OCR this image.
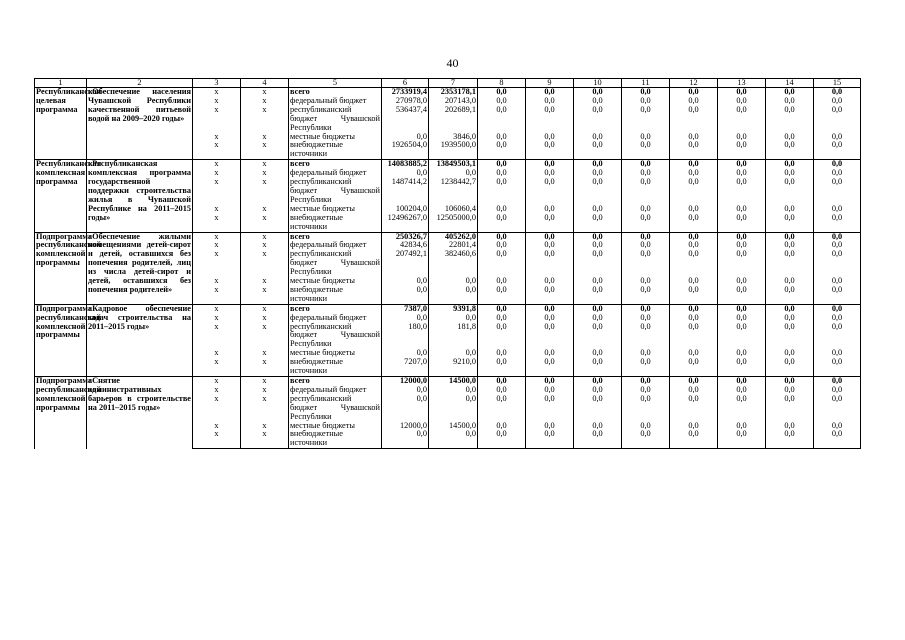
40
1	2	3	4	5	6	7	8	9	10	11	12	13	14	15
Республиканская целевая программа	«Обеспечение населения Чувашской Республики качественной питьевой водой на 2009–2020 годы»	х	х	всего	2733919,4	2353178,1	0,0	0,0	0,0	0,0	0,0	0,0	0,0	0,0
		х	х	федеральный бюджет	270978,0	207143,0	0,0	0,0	0,0	0,0	0,0	0,0	0,0	0,0
		х	х	республиканский бюджет Чувашской Республики	536437,4	202689,1	0,0	0,0	0,0	0,0	0,0	0,0	0,0	0,0
		х	х	местные бюджеты	0,0	3846,0	0,0	0,0	0,0	0,0	0,0	0,0	0,0	0,0
		х	х	внебюджетные источники	1926504,0	1939500,0	0,0	0,0	0,0	0,0	0,0	0,0	0,0	0,0
Республиканская комплексная программа	«Республиканская комплексная программа государственной поддержки строительства жилья в Чувашской Республике на 2011–2015 годы»	х	х	всего	14083885,2	13849503,1	0,0	0,0	0,0	0,0	0,0	0,0	0,0	0,0
		х	х	федеральный бюджет	0,0	0,0	0,0	0,0	0,0	0,0	0,0	0,0	0,0	0,0
		х	х	республиканский бюджет Чувашской Республики	1487414,2	1238442,7	0,0	0,0	0,0	0,0	0,0	0,0	0,0	0,0
		х	х	местные бюджеты	100204,0	106060,4	0,0	0,0	0,0	0,0	0,0	0,0	0,0	0,0
		х	х	внебюджетные источники	12496267,0	12505000,0	0,0	0,0	0,0	0,0	0,0	0,0	0,0	0,0
Подпрограмма республиканской комплексной программы	«Обеспечение жилыми помещениями детей-сирот и детей, оставшихся без попечения родителей, лиц из числа детей-сирот и детей, оставшихся без попечения родителей»	х	х	всего	250326,7	405262,0	0,0	0,0	0,0	0,0	0,0	0,0	0,0	0,0
		х	х	федеральный бюджет	42834,6	22801,4	0,0	0,0	0,0	0,0	0,0	0,0	0,0	0,0
		х	х	республиканский бюджет Чувашской Республики	207492,1	382460,6	0,0	0,0	0,0	0,0	0,0	0,0	0,0	0,0
		х	х	местные бюджеты	0,0	0,0	0,0	0,0	0,0	0,0	0,0	0,0	0,0	0,0
		х	х	внебюджетные источники	0,0	0,0	0,0	0,0	0,0	0,0	0,0	0,0	0,0	0,0
Подпрограмма республиканской комплексной программы	«Кадровое обеспечение задач строительства на 2011–2015 годы»	х	х	всего	7387,0	9391,8	0,0	0,0	0,0	0,0	0,0	0,0	0,0	0,0
		х	х	федеральный бюджет	0,0	0,0	0,0	0,0	0,0	0,0	0,0	0,0	0,0	0,0
		х	х	республиканский бюджет Чувашской Республики	180,0	181,8	0,0	0,0	0,0	0,0	0,0	0,0	0,0	0,0
		х	х	местные бюджеты	0,0	0,0	0,0	0,0	0,0	0,0	0,0	0,0	0,0	0,0
		х	х	внебюджетные источники	7207,0	9210,0	0,0	0,0	0,0	0,0	0,0	0,0	0,0	0,0
Подпрограмма республиканской комплексной программы	«Снятие административных барьеров в строительстве на 2011–2015 годы»	х	х	всего	12000,0	14500,0	0,0	0,0	0,0	0,0	0,0	0,0	0,0	0,0
		х	х	федеральный бюджет	0,0	0,0	0,0	0,0	0,0	0,0	0,0	0,0	0,0	0,0
		х	х	республиканский бюджет Чувашской Республики	0,0	0,0	0,0	0,0	0,0	0,0	0,0	0,0	0,0	0,0
		х	х	местные бюджеты	12000,0	14500,0	0,0	0,0	0,0	0,0	0,0	0,0	0,0	0,0
		х	х	внебюджетные источники	0,0	0,0	0,0	0,0	0,0	0,0	0,0	0,0	0,0	0,0
